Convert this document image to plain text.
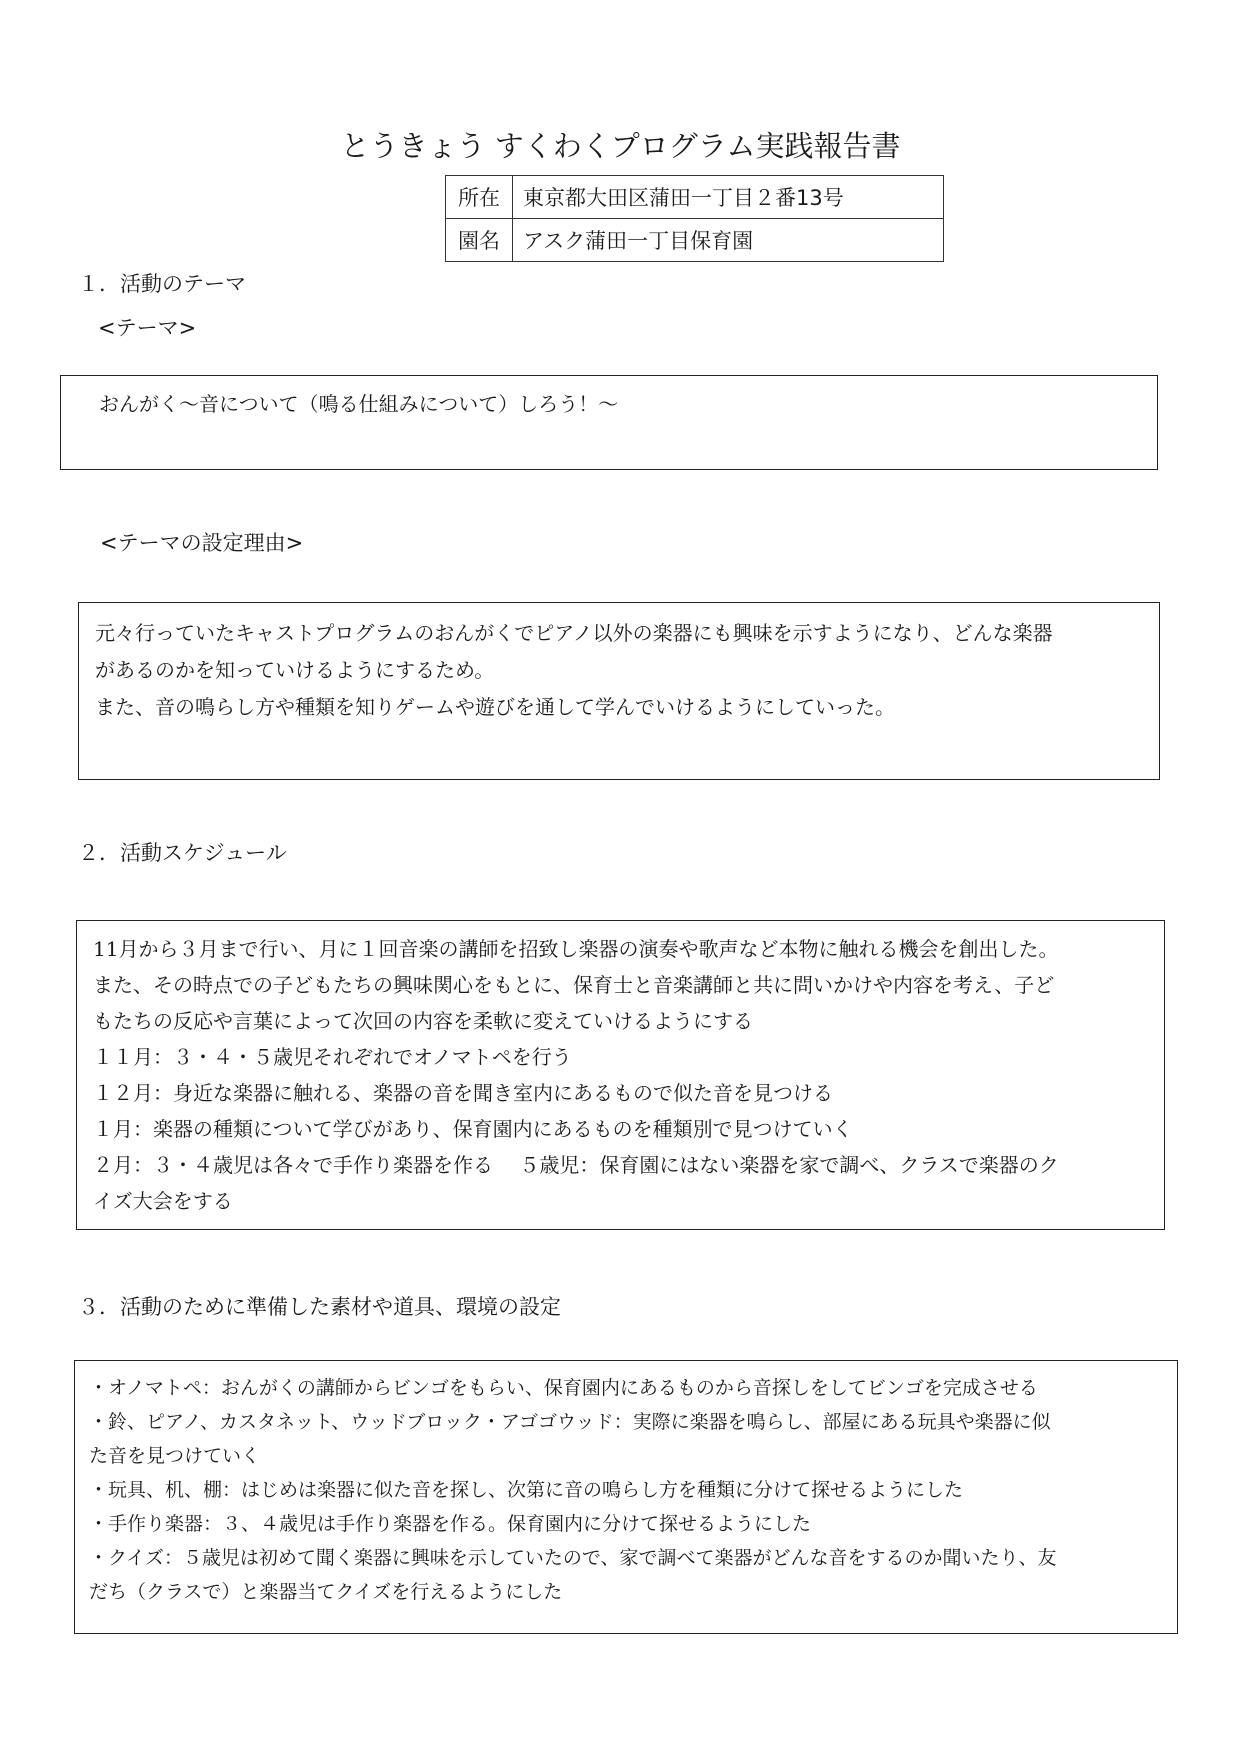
とうきょう すくわくプログラム実践報告書
所在	東京都大田区蒲田一丁目２番13号
園名	アスク蒲田一丁目保育園
１．活動のテーマ
<テーマ>
おんがく～音について（鳴る仕組みについて）しろう！～
<テーマの設定理由>
元々行っていたキャストプログラムのおんがくでピアノ以外の楽器にも興味を示すようになり、どんな楽器
があるのかを知っていけるようにするため。
また、音の鳴らし方や種類を知りゲームや遊びを通して学んでいけるようにしていった。
２．活動スケジュール
11月から３月まで行い、月に１回音楽の講師を招致し楽器の演奏や歌声など本物に触れる機会を創出した。
また、その時点での子どもたちの興味関心をもとに、保育士と音楽講師と共に問いかけや内容を考え、子ど
もたちの反応や言葉によって次回の内容を柔軟に変えていけるようにする
１１月：３・４・５歳児それぞれでオノマトペを行う
１２月：身近な楽器に触れる、楽器の音を聞き室内にあるもので似た音を見つける
１月：楽器の種類について学びがあり、保育園内にあるものを種類別で見つけていく
２月：３・４歳児は各々で手作り楽器を作る　 ５歳児：保育園にはない楽器を家で調べ、クラスで楽器のク
イズ大会をする
３．活動のために準備した素材や道具、環境の設定
・オノマトペ：おんがくの講師からビンゴをもらい、保育園内にあるものから音探しをしてビンゴを完成させる
・鈴、ピアノ、カスタネット、ウッドブロック・アゴゴウッド：実際に楽器を鳴らし、部屋にある玩具や楽器に似
た音を見つけていく
・玩具、机、棚：はじめは楽器に似た音を探し、次第に音の鳴らし方を種類に分けて探せるようにした
・手作り楽器：３、４歳児は手作り楽器を作る。保育園内に分けて探せるようにした
・クイズ：５歳児は初めて聞く楽器に興味を示していたので、家で調べて楽器がどんな音をするのか聞いたり、友
だち（クラスで）と楽器当てクイズを行えるようにした
